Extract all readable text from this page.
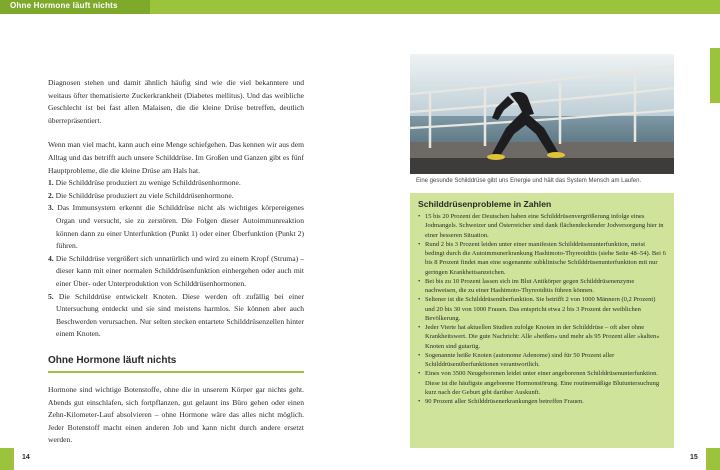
Ohne Hormone läuft nichts

Diagnosen stehen und damit ähnlich häufig sind wie die viel bekanntere und weitaus öfter thematisierte Zuckerkrankheit (Diabetes mellitus). Und das weibliche Geschlecht ist bei fast allen Malaisen, die die kleine Drüse betreffen, deutlich überrepräsentiert.

Wenn man viel macht, kann auch eine Menge schiefgehen. Das kennen wir aus dem Alltag und das betrifft auch unsere Schilddrüse. Im Großen und Ganzen gibt es fünf Hauptprobleme, die die kleine Drüse am Hals hat.

1. Die Schilddrüse produziert zu wenige Schilddrüsenhormone.
2. Die Schilddrüse produziert zu viele Schilddrüsenhormone.
3. Das Immunsystem erkennt die Schilddrüse nicht als wichtiges körpereigenes Organ und versucht, sie zu zerstören. Die Folgen dieser Autoimmunreaktion können dann zu einer Unterfunktion (Punkt 1) oder einer Überfunktion (Punkt 2) führen.
4. Die Schilddrüse vergrößert sich unnatürlich und wird zu einem Kropf (Struma) – dieser kann mit einer normalen Schilddrüsenfunktion einhergehen oder auch mit einer Über- oder Unterproduktion von Schilddrüsenhormonen.
5. Die Schilddrüse entwickelt Knoten. Diese werden oft zufällig bei einer Untersuchung entdeckt und sie sind meistens harmlos. Sie können aber auch Beschwerden verursachen. Nur selten stecken entartete Schilddrüsenzellen hinter einem Knoten.
Ohne Hormone läuft nichts

Hormone sind wichtige Botenstoffe, ohne die in unserem Körper gar nichts geht. Abends gut einschlafen, sich fortpflanzen, gut gelaunt ins Büro gehen oder einen Zehn-Kilometer-Lauf absolvieren – ohne Hormone wäre das alles nicht möglich. Jeder Botenstoff macht einen anderen Job und kann nicht durch andere ersetzt werden.

Eine gesunde Schilddrüse gibt uns Energie und hält das System Mensch am Laufen.
Schilddrüsenprobleme in Zahlen
• 15 bis 20 Prozent der Deutschen haben eine Schilddrüsenvergrößerung infolge eines Jodmangels. Schweizer und Österreicher sind dank flächendeckender Jodversorgung hier in einer besseren Situation.
• Rund 2 bis 3 Prozent leiden unter einer manifesten Schilddrüsenunterfunktion, meist bedingt durch die Autoimmunerkrankung Hashimoto-Thyreoiditis (siehe Seite 48–54). Bei 6 bis 8 Prozent findet man eine sogenannte subklinische Schilddrüsenunterfunktion mit nur geringen Krankheitsanzeichen.
• Bei bis zu 10 Prozent lassen sich im Blut Antikörper gegen Schilddrüsenenzyme nachweisen, die zu einer Hashimoto-Thyreoiditis führen können.
• Seltener ist die Schilddrüsenüberfunktion. Sie betrifft 2 von 1000 Männern (0,2 Prozent) und 20 bis 30 von 1000 Frauen. Das entspricht etwa 2 bis 3 Prozent der weiblichen Bevölkerung.
• Jeder Vierte hat aktuellen Studien zufolge Knoten in der Schilddrüse – oft aber ohne Krankheitswert. Die gute Nachricht: Alle »heißen« und mehr als 95 Prozent aller »kalten« Knoten sind gutartig.
• Sogenannte heiße Knoten (autonome Adenome) sind für 50 Prozent aller Schilddrüsenüberfunktionen verantwortlich.
• Eines von 3500 Neugeborenen leidet unter einer angeborenen Schilddrüsenunterfunktion. Diese ist die häufigste angeborene Hormonstörung. Eine routinemäßige Blutuntersuchung kurz nach der Geburt gibt darüber Auskunft.
• 90 Prozent aller Schilddrüsenerkrankungen betreffen Frauen.
14	15
